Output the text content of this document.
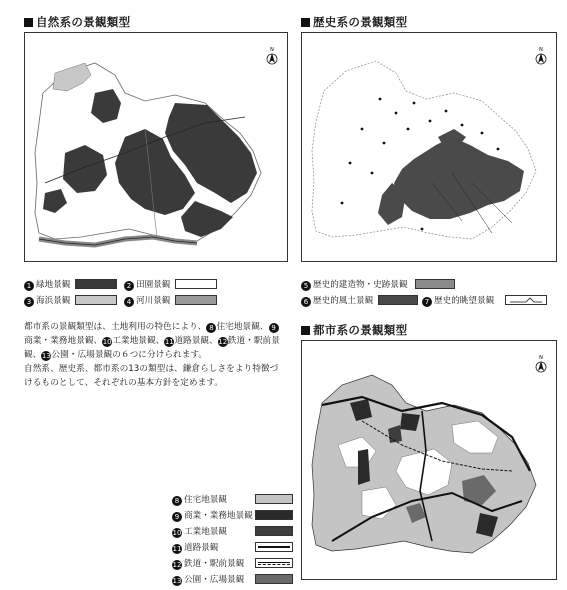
自然系の景観類型
N
1 緑地景観	2 田園景観
3 海浜景観	4 河川景観
歴史系の景観類型
N
5 歴史的建造物・史跡景観
6 歴史的風土景観	7 歴史的眺望景観

都市系の景観類型は、土地利用の特色により、 8 住宅地景観、 9商業・業務地景観、10工業地景観、11道路景観、12鉄道・駅前景観、13公園・広場景観の６つに分けられます。

自然系、歴史系、都市系の13の類型は、鎌倉らしさをより特徴づけるものとして、それぞれの基本方針を定めます。

都市系の景観類型
N
8 住宅地景観
9 商業・業務地景観
10 工業地景観
11 道路景観
12 鉄道・駅前景観
13 公園・広場景観
